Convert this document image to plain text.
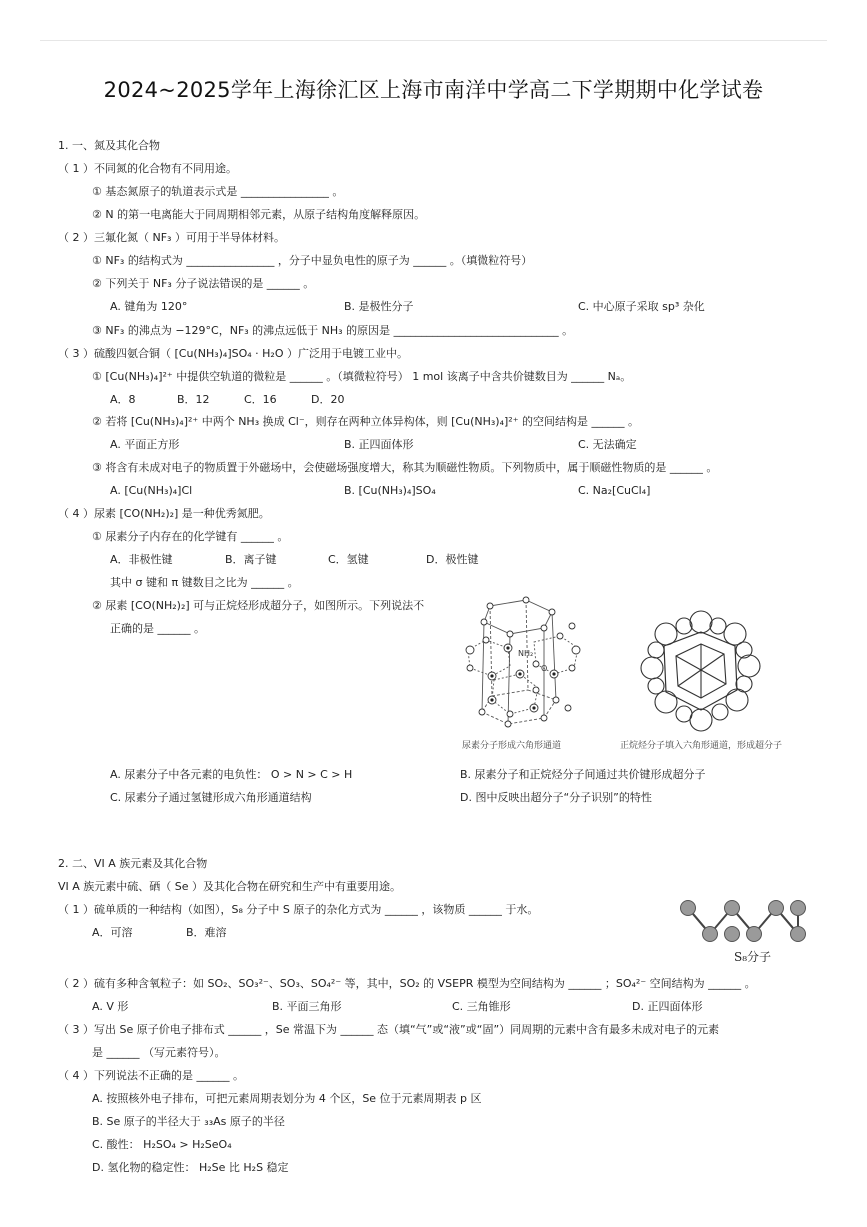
2024~2025学年上海徐汇区上海市南洋中学高二下学期期中化学试卷
1. 一、氮及其化合物
（ 1 ）不同氮的化合物有不同用途。
① 基态氮原子的轨道表示式是 ________________ 。
② N 的第一电离能大于同周期相邻元素，从原子结构角度解释原因。
（ 2 ）三氟化氮（ NF₃ ）可用于半导体材料。
① NF₃ 的结构式为 ________________ ，分子中显负电性的原子为 ______ 。（填微粒符号）
② 下列关于 NF₃ 分子说法错误的是 ______ 。
A. 键角为 120°	B. 是极性分子	C. 中心原子采取 sp³ 杂化
③ NF₃ 的沸点为 −129°C，NF₃ 的沸点远低于 NH₃ 的原因是 ______________________________ 。
（ 3 ）硫酸四氨合铜（ [Cu(NH₃)₄]SO₄ · H₂O ）广泛用于电镀工业中。
① [Cu(NH₃)₄]²⁺ 中提供空轨道的微粒是 ______ 。（填微粒符号） 1 mol 该离子中含共价键数目为 ______ Nₐ。
A．8	B．12	C．16	D．20
② 若将 [Cu(NH₃)₄]²⁺ 中两个 NH₃ 换成 Cl⁻，则存在两种立体异构体，则 [Cu(NH₃)₄]²⁺ 的空间结构是 ______ 。
A. 平面正方形	B. 正四面体形	C. 无法确定
③ 将含有未成对电子的物质置于外磁场中，会使磁场强度增大，称其为顺磁性物质。下列物质中，属于顺磁性物质的是 ______ 。
A. [Cu(NH₃)₄]Cl	B. [Cu(NH₃)₄]SO₄	C. Na₂[CuCl₄]
（ 4 ）尿素 [CO(NH₂)₂] 是一种优秀氮肥。
① 尿素分子内存在的化学键有 ______ 。
A．非极性键	B．离子键	C．氢键	D．极性键
其中 σ 键和 π 键数目之比为 ______ 。
② 尿素 [CO(NH₂)₂] 可与正烷烃形成超分子，如图所示。下列说法不
正确的是 ______ 。
NH₂
O
尿素分子形成六角形通道	正烷烃分子填入六角形通道，形成超分子
A. 尿素分子中各元素的电负性： O > N > C > H	B. 尿素分子和正烷烃分子间通过共价键形成超分子
C. 尿素分子通过氢键形成六角形通道结构	D. 图中反映出超分子“分子识别”的特性
2. 二、VI A 族元素及其化合物
VI A 族元素中硫、硒（ Se ）及其化合物在研究和生产中有重要用途。
（ 1 ）硫单质的一种结构（如图），S₈ 分子中 S 原子的杂化方式为 ______ ，该物质 ______ 于水。
A．可溶	B．难溶
S₈分子
（ 2 ）硫有多种含氧粒子：如 SO₂、SO₃²⁻、SO₃、SO₄²⁻ 等，其中，SO₂ 的 VSEPR 模型为空间结构为 ______ ；SO₄²⁻ 空间结构为 ______ 。
A. V 形	B. 平面三角形	C. 三角锥形	D. 正四面体形
（ 3 ）写出 Se 原子价电子排布式 ______ ，Se 常温下为 ______ 态（填“气”或“液”或“固”）同周期的元素中含有最多未成对电子的元素
是 ______ （写元素符号）。
（ 4 ）下列说法不正确的是 ______ 。
A. 按照核外电子排布，可把元素周期表划分为 4 个区，Se 位于元素周期表 p 区
B. Se 原子的半径大于 ₃₃As 原子的半径
C. 酸性： H₂SO₄ > H₂SeO₄
D. 氢化物的稳定性： H₂Se 比 H₂S 稳定
